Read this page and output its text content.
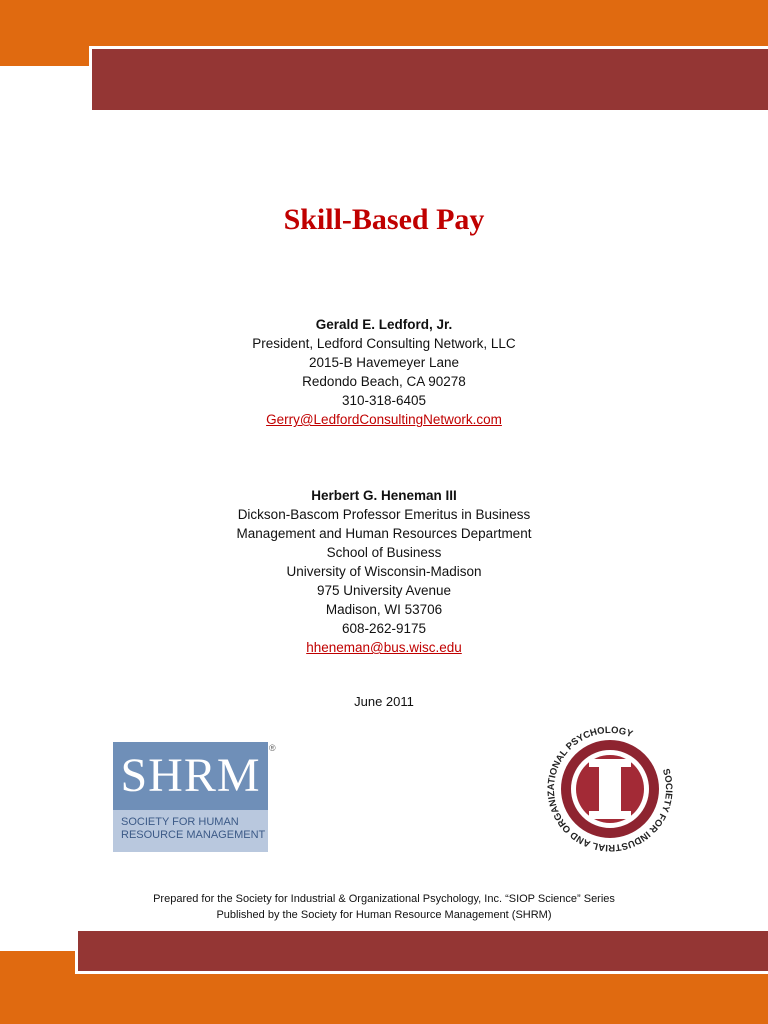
Skill-Based Pay
Gerald E. Ledford, Jr.
President, Ledford Consulting Network, LLC
2015-B Havemeyer Lane
Redondo Beach, CA 90278
310-318-6405
Gerry@LedfordConsultingNetwork.com
Herbert G. Heneman III
Dickson-Bascom Professor Emeritus in Business
Management and Human Resources Department
School of Business
University of Wisconsin-Madison
975 University Avenue
Madison, WI 53706
608-262-9175
hheneman@bus.wisc.edu
June 2011
SHRM
SOCIETY FOR HUMAN
RESOURCE MANAGEMENT
®
SOCIETY FOR INDUSTRIAL AND ORGANIZATIONAL PSYCHOLOGY
Prepared for the Society for Industrial & Organizational Psychology, Inc. “SIOP Science” Series
Published by the Society for Human Resource Management (SHRM)
